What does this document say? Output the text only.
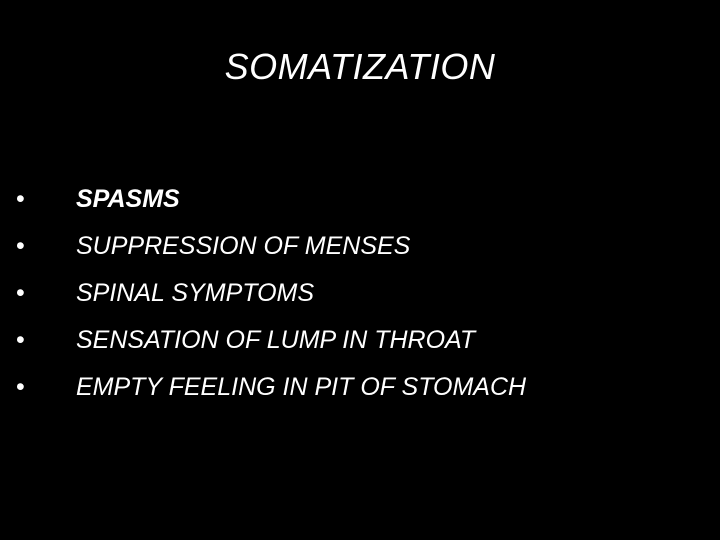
SOMATIZATION
•	SPASMS
•	SUPPRESSION OF MENSES
•	SPINAL SYMPTOMS
•	SENSATION OF LUMP IN THROAT
•	EMPTY FEELING IN PIT OF STOMACH
